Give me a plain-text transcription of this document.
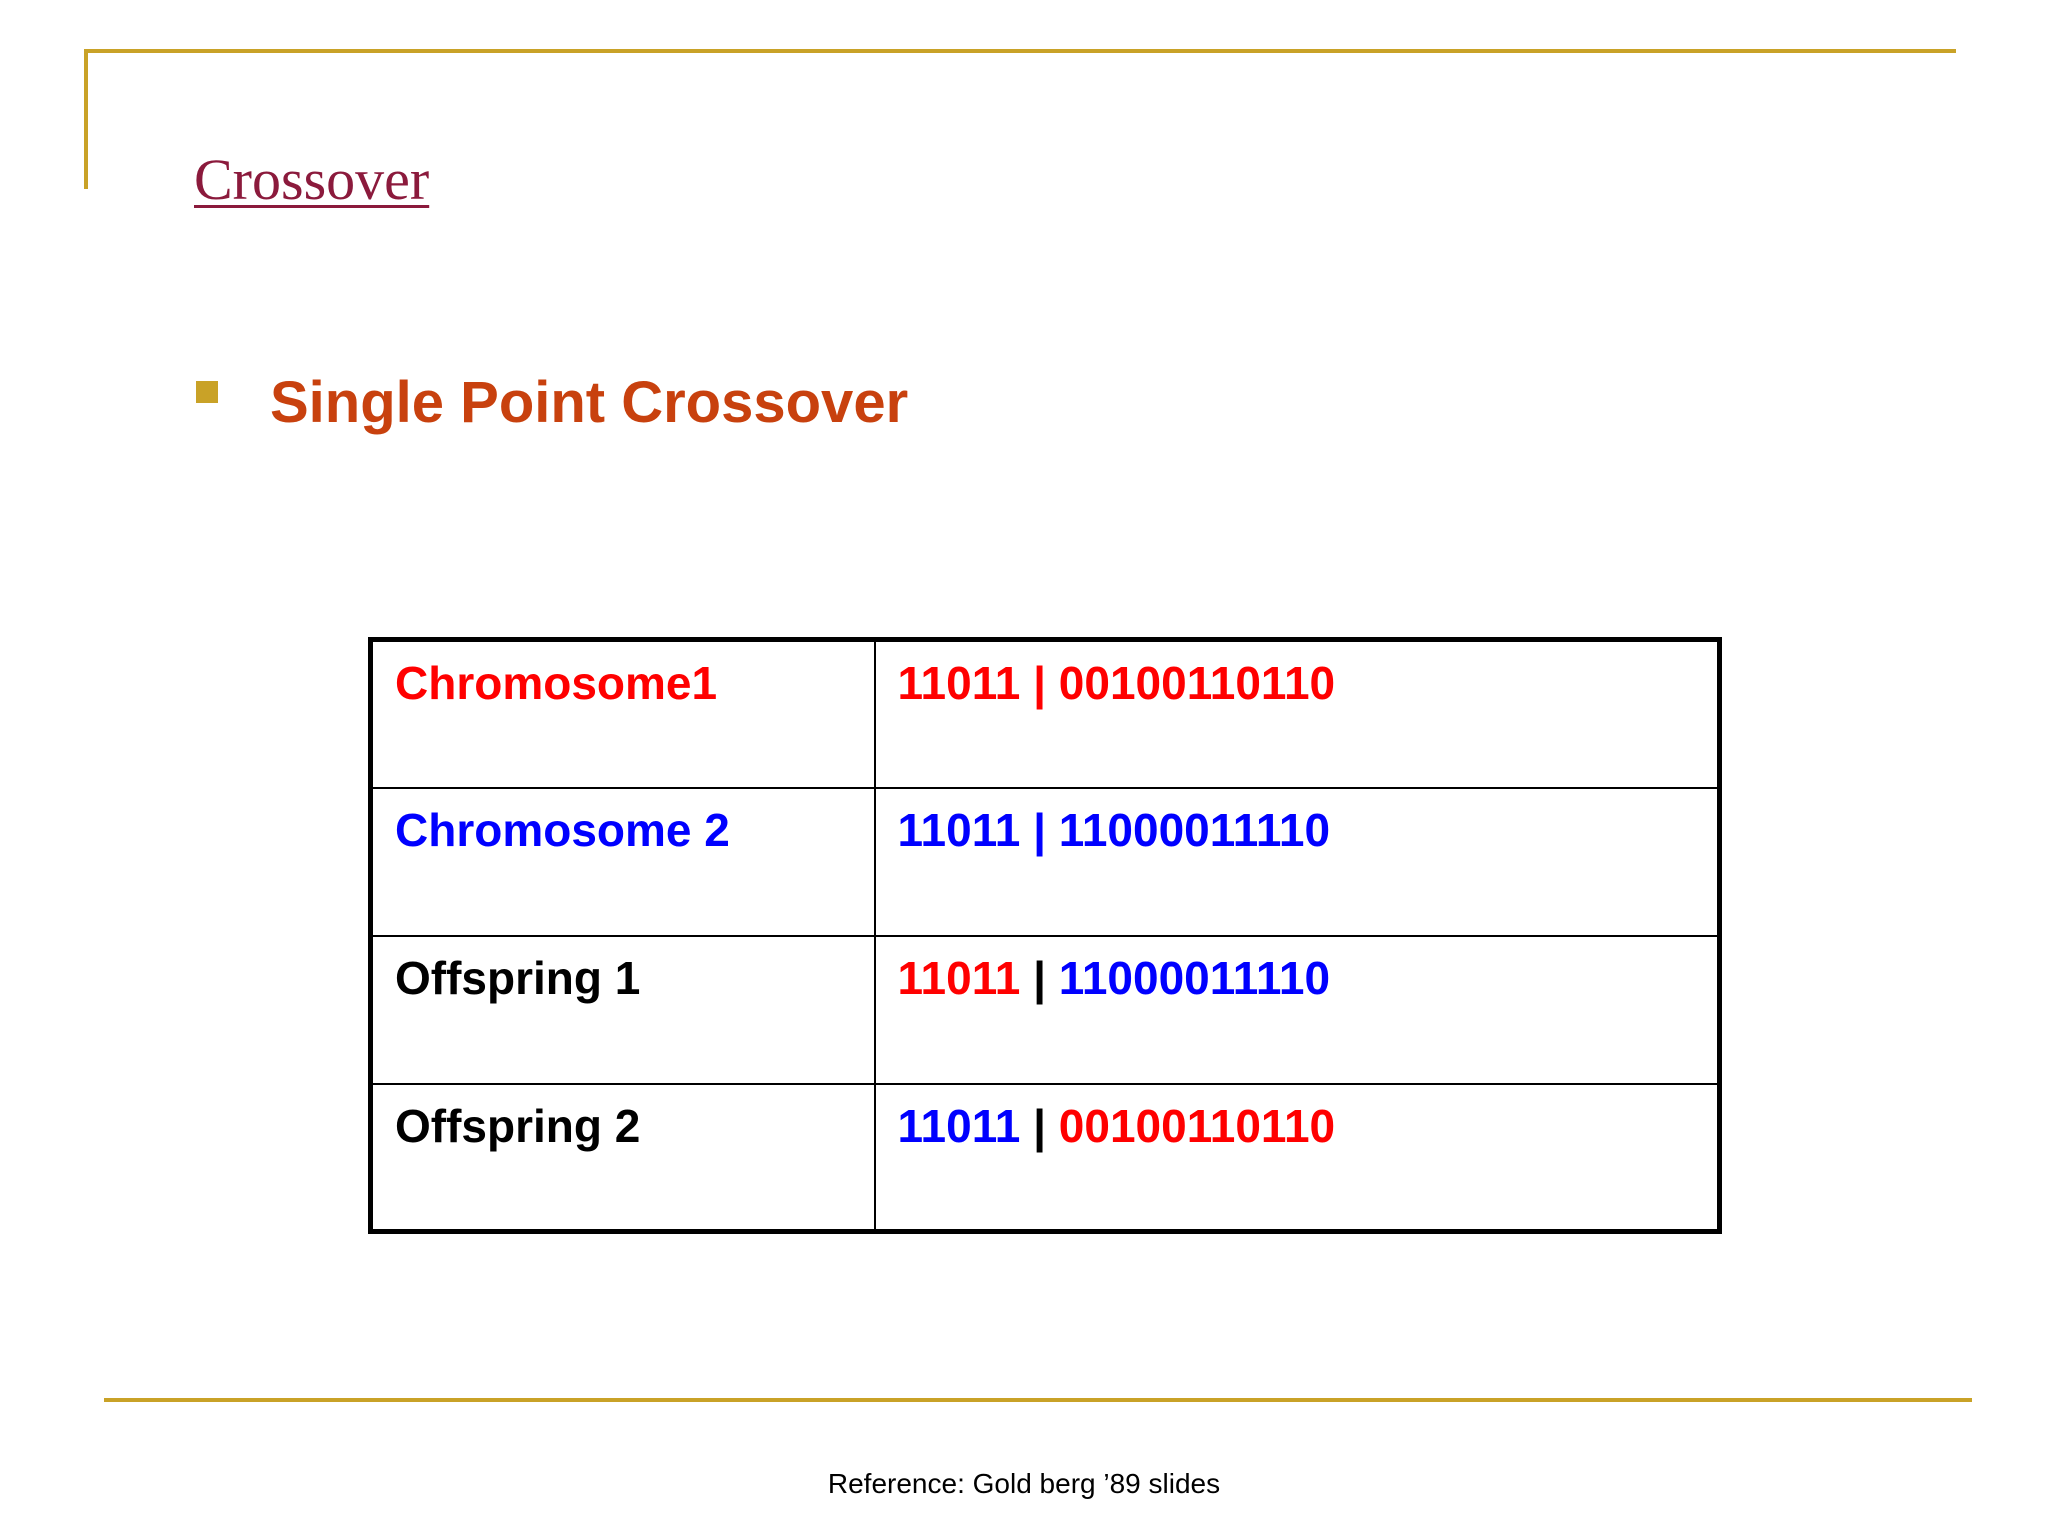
Crossover
Single Point Crossover
Chromosome1	11011 | 00100110110
Chromosome 2	11011 | 11000011110
Offspring 1	11011 | 11000011110
Offspring 2	11011 | 00100110110
Reference: Gold berg ’89 slides
